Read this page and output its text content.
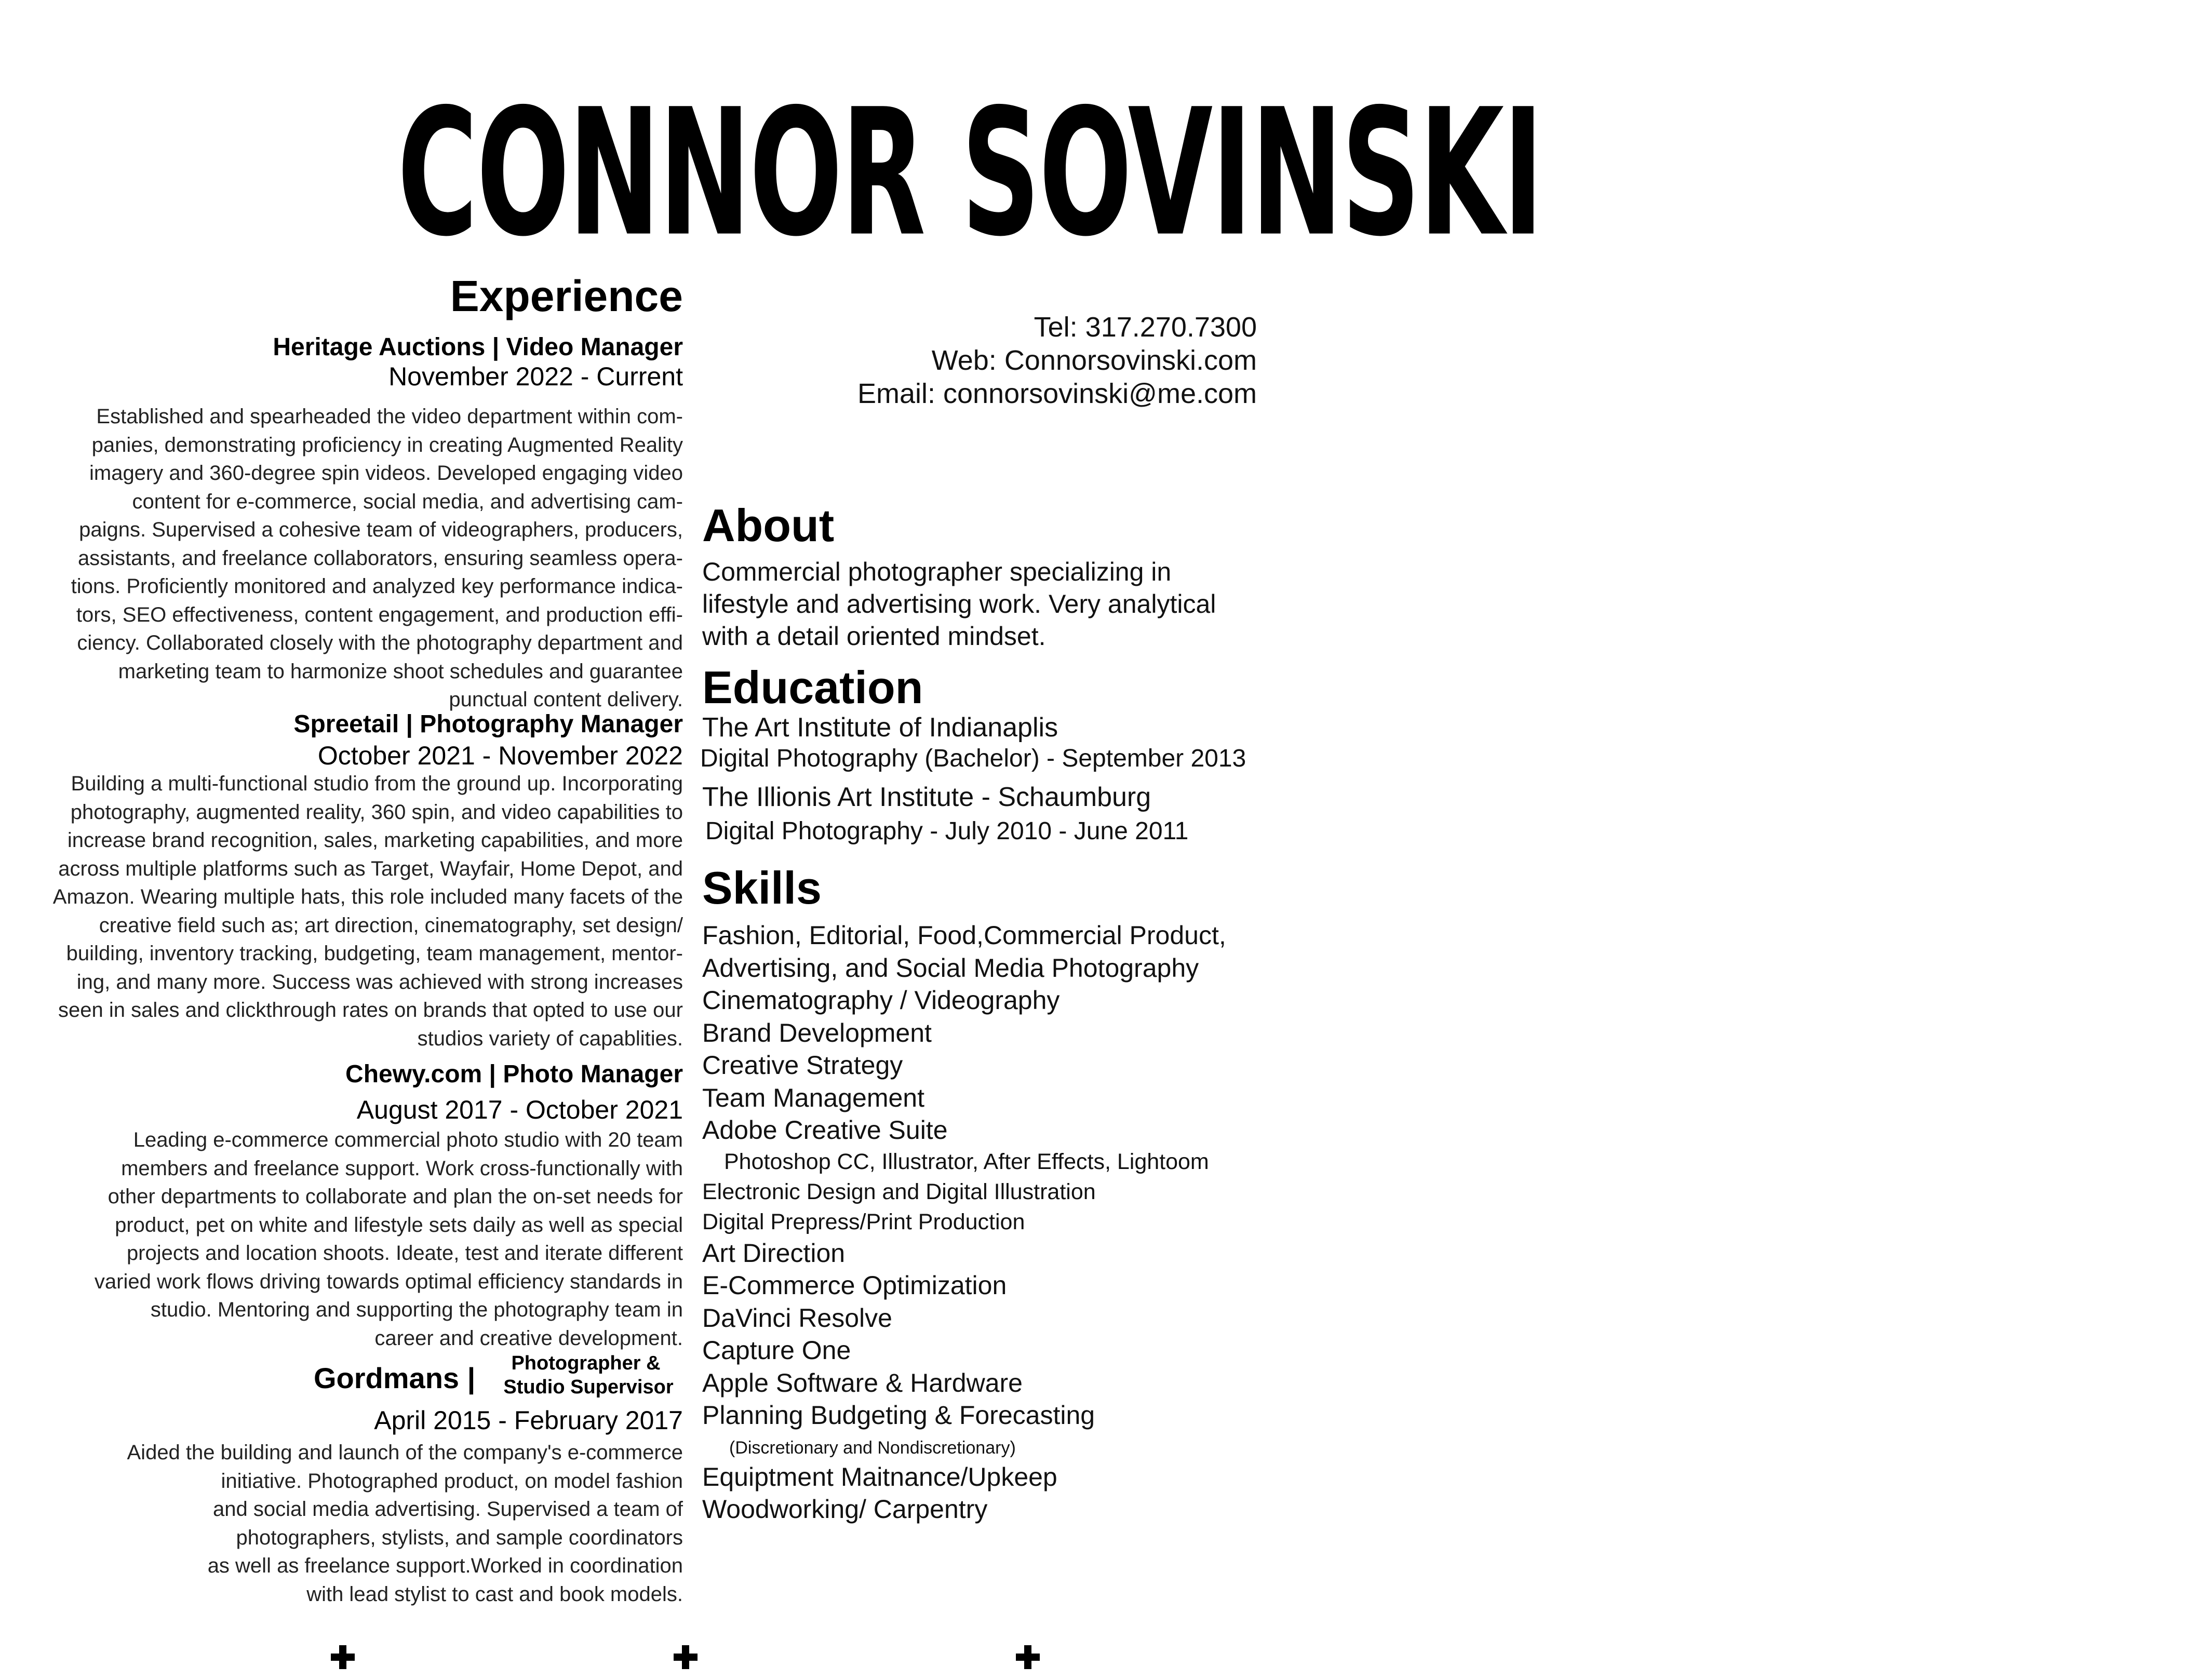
CONNOR SOVINSKI
Tel: 317.270.7300
Web: Connorsovinski.com
Email: connorsovinski@me.com
Experience
Heritage Auctions | Video Manager
November 2022 - Current
Established and spearheaded the video department within com-
panies, demonstrating proficiency in creating Augmented Reality
imagery and 360-degree spin videos. Developed engaging video
content for e-commerce, social media, and advertising cam-
paigns. Supervised a cohesive team of videographers, producers,
assistants, and freelance collaborators, ensuring seamless opera-
tions. Proficiently monitored and analyzed key performance indica-
tors, SEO effectiveness, content engagement, and production effi-
ciency. Collaborated closely with the photography department and
marketing team to harmonize shoot schedules and guarantee
punctual content delivery.
Spreetail | Photography Manager
October 2021 - November 2022
Building a multi-functional studio from the ground up. Incorporating
photography, augmented reality, 360 spin, and video capabilities to
increase brand recognition, sales, marketing capabilities, and more
across multiple platforms such as Target, Wayfair, Home Depot, and
Amazon. Wearing multiple hats, this role included many facets of the
creative field such as; art direction, cinematography, set design/
building, inventory tracking, budgeting, team management, mentor-
ing, and many more. Success was achieved with strong increases
seen in sales and clickthrough rates on brands that opted to use our
studios variety of capablities.
Chewy.com | Photo Manager
August 2017 - October 2021
Leading e-commerce commercial photo studio with 20 team
members and freelance support. Work cross-functionally with
other departments to collaborate and plan the on-set needs for
product, pet on white and lifestyle sets daily as well as special
projects and location shoots. Ideate, test and iterate different
varied work flows driving towards optimal efficiency standards in
studio. Mentoring and supporting the photography team in
career and creative development.
Gordmans |	Photographer &
Studio Supervisor
April 2015 - February 2017
Aided the building and launch of the company's e-commerce
initiative. Photographed product, on model fashion
and social media advertising. Supervised a team of
photographers, stylists, and sample coordinators
as well as freelance support.Worked in coordination
with lead stylist to cast and book models.
About
Commercial photographer specializing in
lifestyle and advertising work. Very analytical
with a detail oriented mindset.
Education
The Art Institute of Indianaplis
Digital Photography (Bachelor) - September 2013
The Illionis Art Institute - Schaumburg
Digital Photography - July 2010 - June 2011
Skills
Fashion, Editorial, Food,Commercial Product,
Advertising, and Social Media Photography
Cinematography / Videography
Brand Development
Creative Strategy
Team Management
Adobe Creative Suite
Photoshop CC, Illustrator, After Effects, Lightoom
Electronic Design and Digital Illustration
Digital Prepress/Print Production
Art Direction
E-Commerce Optimization
DaVinci Resolve
Capture One
Apple Software & Hardware
Planning Budgeting & Forecasting
(Discretionary and Nondiscretionary)
Equiptment Maitnance/Upkeep
Woodworking/ Carpentry
